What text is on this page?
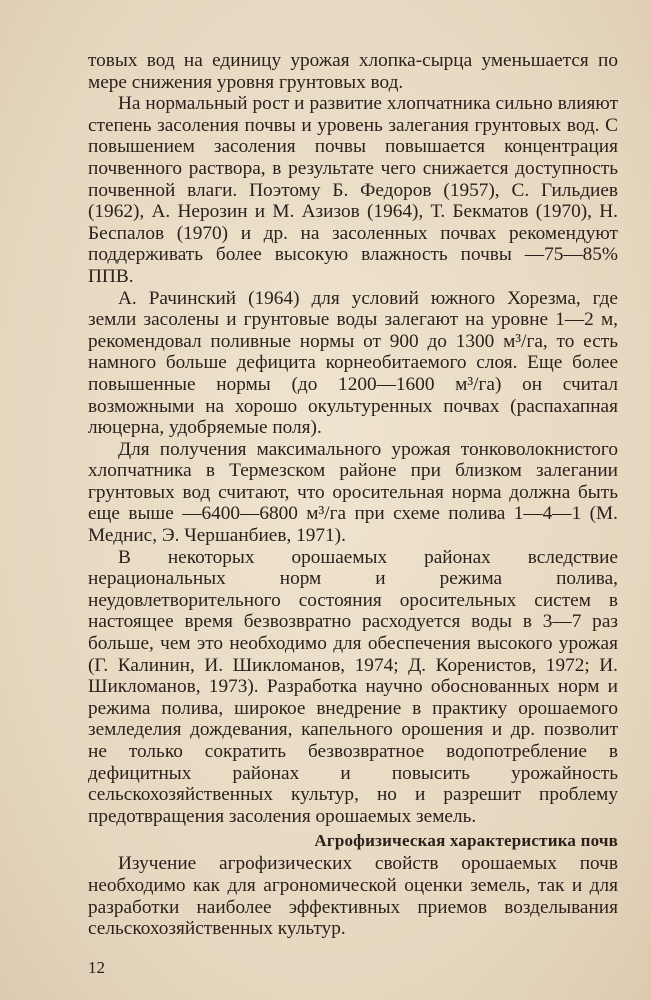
товых вод на единицу урожая хлопка-сырца уменьшается по мере снижения уровня грунтовых вод.

На нормальный рост и развитие хлопчатника сильно влияют степень засоления почвы и уровень залегания грунтовых вод. С повышением засоления почвы повышается концентрация почвенного раствора, в результате чего снижается доступность почвенной влаги. Поэтому Б. Федоров (1957), С. Гильдиев (1962), А. Нерозин и М. Азизов (1964), Т. Бекматов (1970), Н. Беспалов (1970) и др. на засоленных почвах рекомендуют поддерживать более высокую влажность почвы —75—85% ППВ.

А. Рачинский (1964) для условий южного Хорезма, где земли засолены и грунтовые воды залегают на уровне 1—2 м, рекомендовал поливные нормы от 900 до 1300 м³/га, то есть намного больше дефицита корнеобитаемого слоя. Еще более повышенные нормы (до 1200—1600 м³/га) он считал возможными на хорошо окультуренных почвах (распахапная люцерна, удобряемые поля).

Для получения максимального урожая тонковолокнистого хлопчатника в Термезском районе при близком залегании грунтовых вод считают, что оросительная норма должна быть еще выше —6400—6800 м³/га при схеме полива 1—4—1 (М. Меднис, Э. Чершанбиев, 1971).

В некоторых орошаемых районах вследствие нерациональных норм и режима полива, неудовлетворительного состояния оросительных систем в настоящее время безвозвратно расходуется воды в 3—7 раз больше, чем это необходимо для обеспечения высокого урожая (Г. Калинин, И. Шикломанов, 1974; Д. Коренистов, 1972; И. Шикломанов, 1973). Разработка научно обоснованных норм и режима полива, широкое внедрение в практику орошаемого земледелия дождевания, капельного орошения и др. позволит не только сократить безвозвратное водопотребление в дефицитных районах и повысить урожайность сельскохозяйственных культур, но и разрешит проблему предотвращения засоления орошаемых земель.

Агрофизическая характеристика почв

Изучение агрофизических свойств орошаемых почв необходимо как для агрономической оценки земель, так и для разработки наиболее эффективных приемов возделывания сельскохозяйственных культур.

12
